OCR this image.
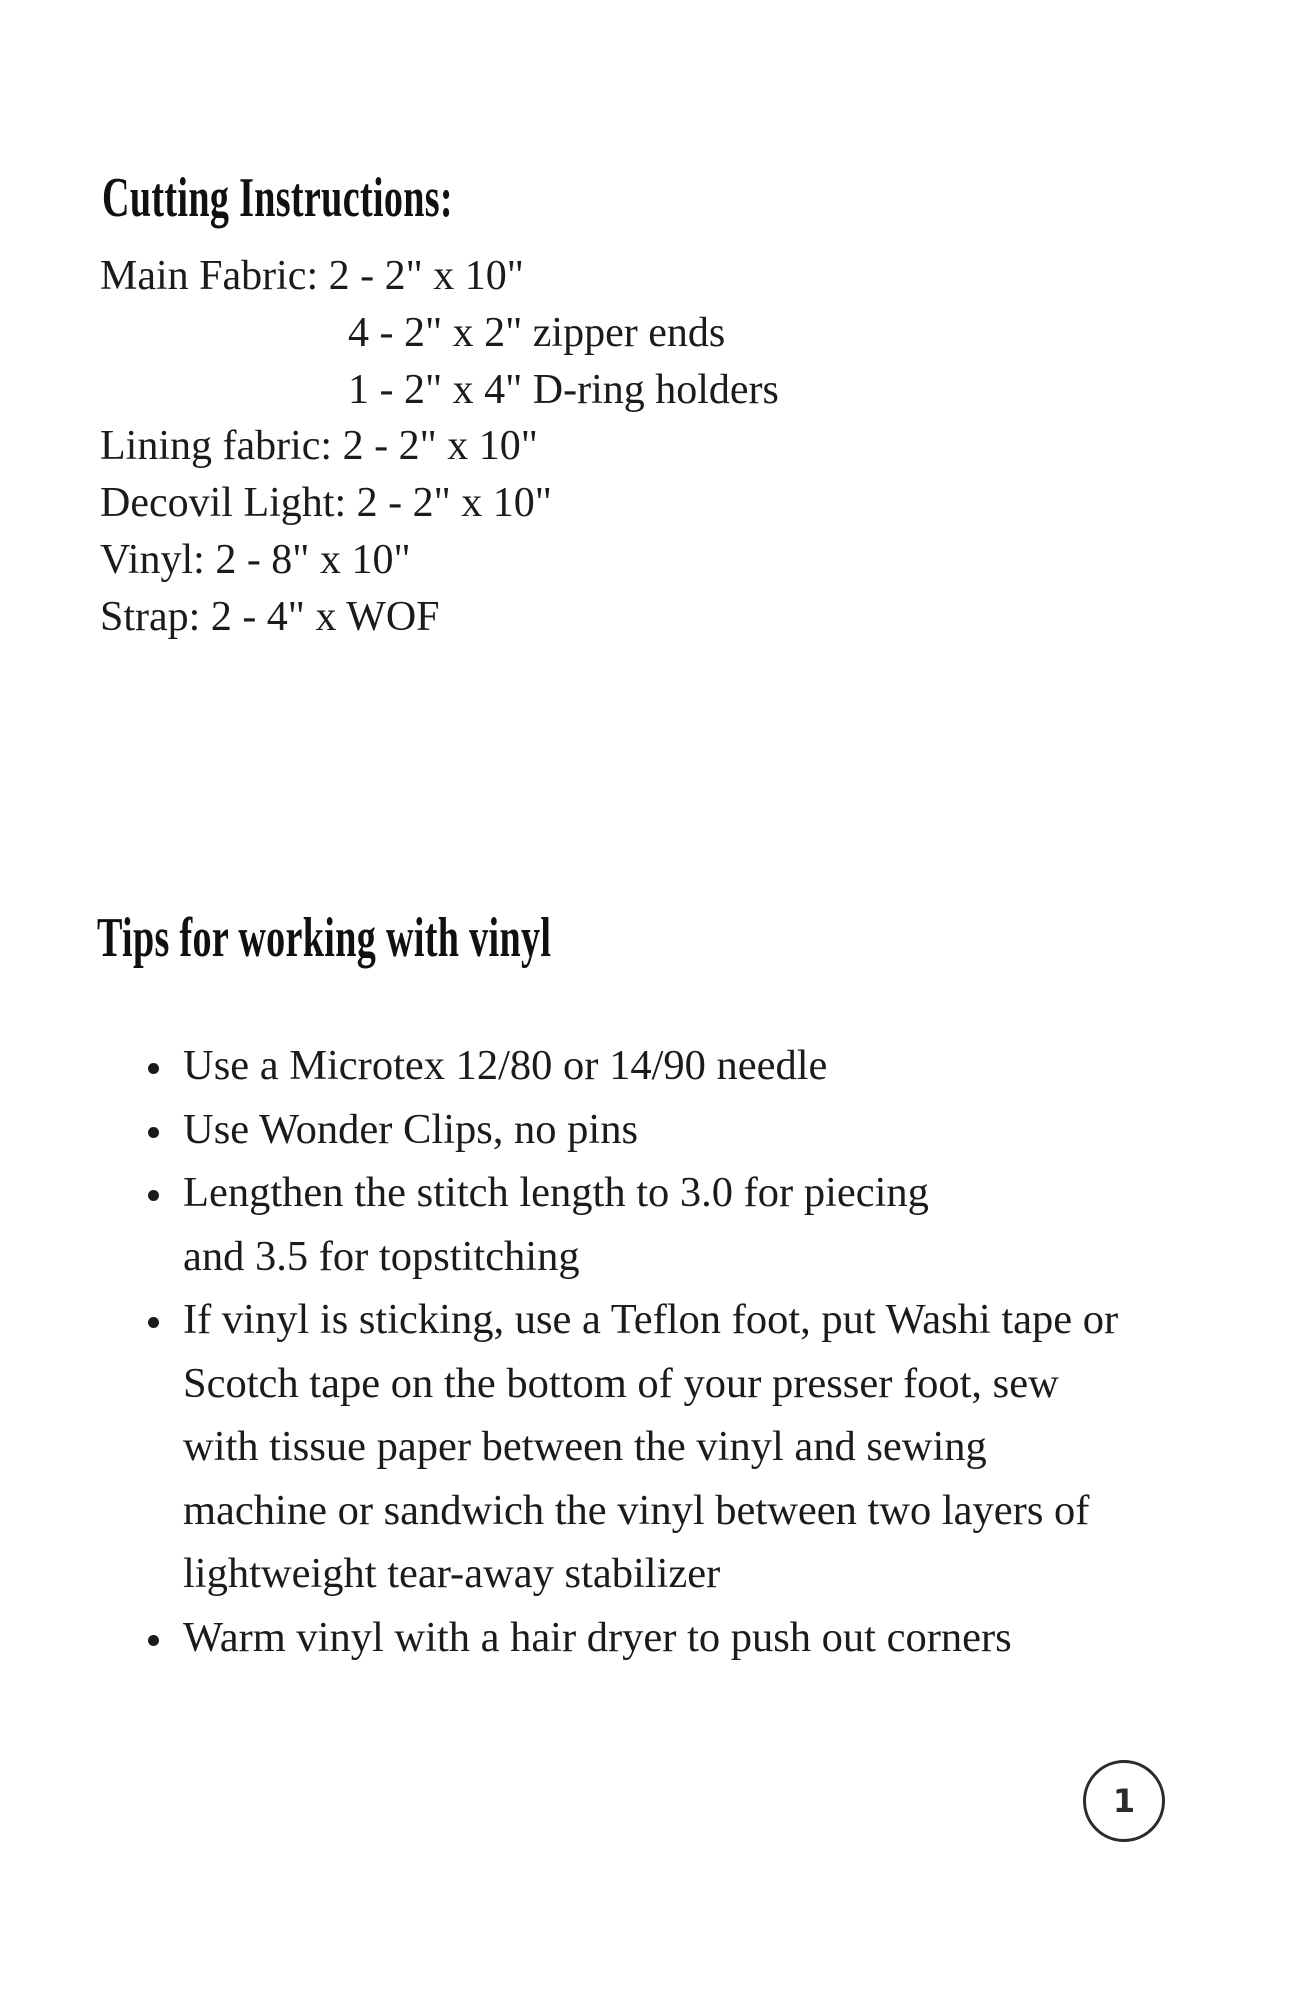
Cutting Instructions:
Main Fabric: 2 - 2" x 10"
4 - 2" x 2" zipper ends
1 - 2" x 4" D-ring holders
Lining fabric: 2 - 2" x 10"
Decovil Light: 2 - 2" x 10"
Vinyl: 2 - 8" x 10"
Strap: 2 - 4" x WOF
Tips for working with vinyl
Use a Microtex 12/80 or 14/90 needle
Use Wonder Clips, no pins
Lengthen the stitch length to 3.0 for piecing
and 3.5 for topstitching
If vinyl is sticking, use a Teflon foot, put Washi tape or
Scotch tape on the bottom of your presser foot, sew
with tissue paper between the vinyl and sewing
machine or sandwich the vinyl between two layers of
lightweight tear-away stabilizer
Warm vinyl with a hair dryer to push out corners
1
